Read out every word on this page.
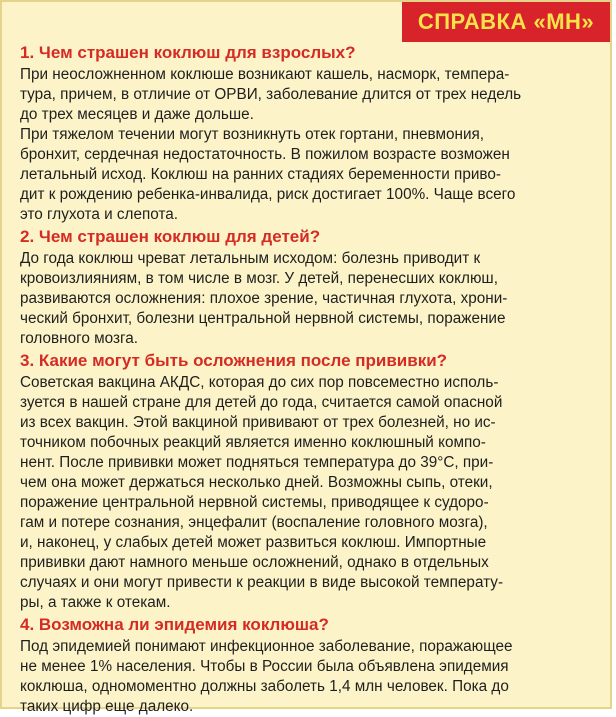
СПРАВКА «МН»
1. Чем страшен коклюш для взрослых?

При неосложненном коклюше возникают кашель, насморк, темпера-
тура, причем, в отличие от ОРВИ, заболевание длится от трех недель
до трех месяцев и даже дольше.

При тяжелом течении могут возникнуть отек гортани, пневмония,
бронхит, сердечная недостаточность. В пожилом возрасте возможен
летальный исход. Коклюш на ранних стадиях беременности приво-
дит к рождению ребенка-инвалида, риск достигает 100%. Чаще всего
это глухота и слепота.

2. Чем страшен коклюш для детей?

До года коклюш чреват летальным исходом: болезнь приводит к
кровоизлияниям, в том числе в мозг. У детей, перенесших коклюш,
развиваются осложнения: плохое зрение, частичная глухота, хрони-
ческий бронхит, болезни центральной нервной системы, поражение
головного мозга.

3. Какие могут быть осложнения после прививки?

Советская вакцина АКДС, которая до сих пор повсеместно исполь-
зуется в нашей стране для детей до года, считается самой опасной
из всех вакцин. Этой вакциной прививают от трех болезней, но ис-
точником побочных реакций является именно коклюшный компо-
нент. После прививки может подняться температура до 39°С, при-
чем она может держаться несколько дней. Возможны сыпь, отеки,
поражение центральной нервной системы, приводящее к судоро-
гам и потере сознания, энцефалит (воспаление головного мозга),
и, наконец, у слабых детей может развиться коклюш. Импортные
прививки дают намного меньше осложнений, однако в отдельных
случаях и они могут привести к реакции в виде высокой температу-
ры, а также к отекам.

4. Возможна ли эпидемия коклюша?

Под эпидемией понимают инфекционное заболевание, поражающее
не менее 1% населения. Чтобы в России была объявлена эпидемия
коклюша, одномоментно должны заболеть 1,4 млн человек. Пока до
таких цифр еще далеко.
